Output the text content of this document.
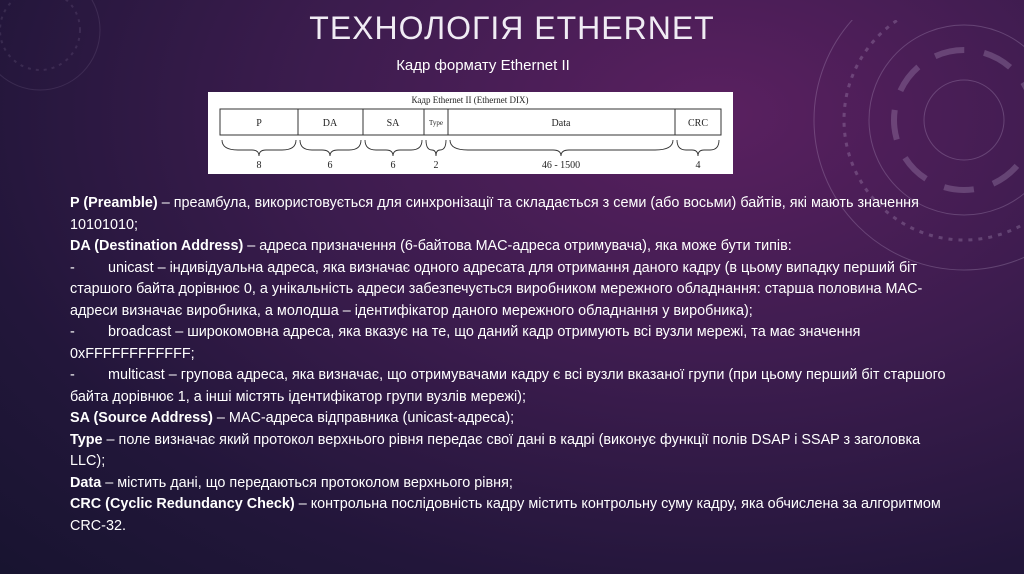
ТЕХНОЛОГІЯ ETHERNET
Кадр формату Ethernet II
Кадр Ethernet II (Ethernet DIX)
P	DA	SA	Type	Data	CRC
8	6	6	2	46 - 1500	4

P (Preamble) – преамбула, використовується для синхронізації та складається з семи (або восьми) байтів, які мають значення 10101010;

DA (Destination Address) – адреса призначення (6-байтова MAC-адреса отримувача), яка може бути типів:

- unicast – індивідуальна адреса, яка визначає одного адресата для отримання даного кадру (в цьому випадку перший біт старшого байта дорівнює 0, а унікальність адреси забезпечується виробником мережного обладнання: старша половина MAC-адреси визначає виробника, а молодша – ідентифікатор даного мережного обладнання у виробника);

- broadcast – широкомовна адреса, яка вказує на те, що даний кадр отримують всі вузли мережі, та має значення 0xFFFFFFFFFFFF;

- multicast – групова адреса, яка визначає, що отримувачами кадру є всі вузли вказаної групи (при цьому перший біт старшого байта дорівнює 1, а інші містять ідентифікатор групи вузлів мережі);

SA (Source Address) – MAC-адреса відправника (unicast-адреса);

Type – поле визначає який протокол верхнього рівня передає свої дані в кадрі (виконує функції полів DSAP і SSAP з заголовка LLC);

Data – містить дані, що передаються протоколом верхнього рівня;

CRC (Cyclic Redundancy Check) – контрольна послідовність кадру містить контрольну суму кадру, яка обчислена за алгоритмом CRC-32.
